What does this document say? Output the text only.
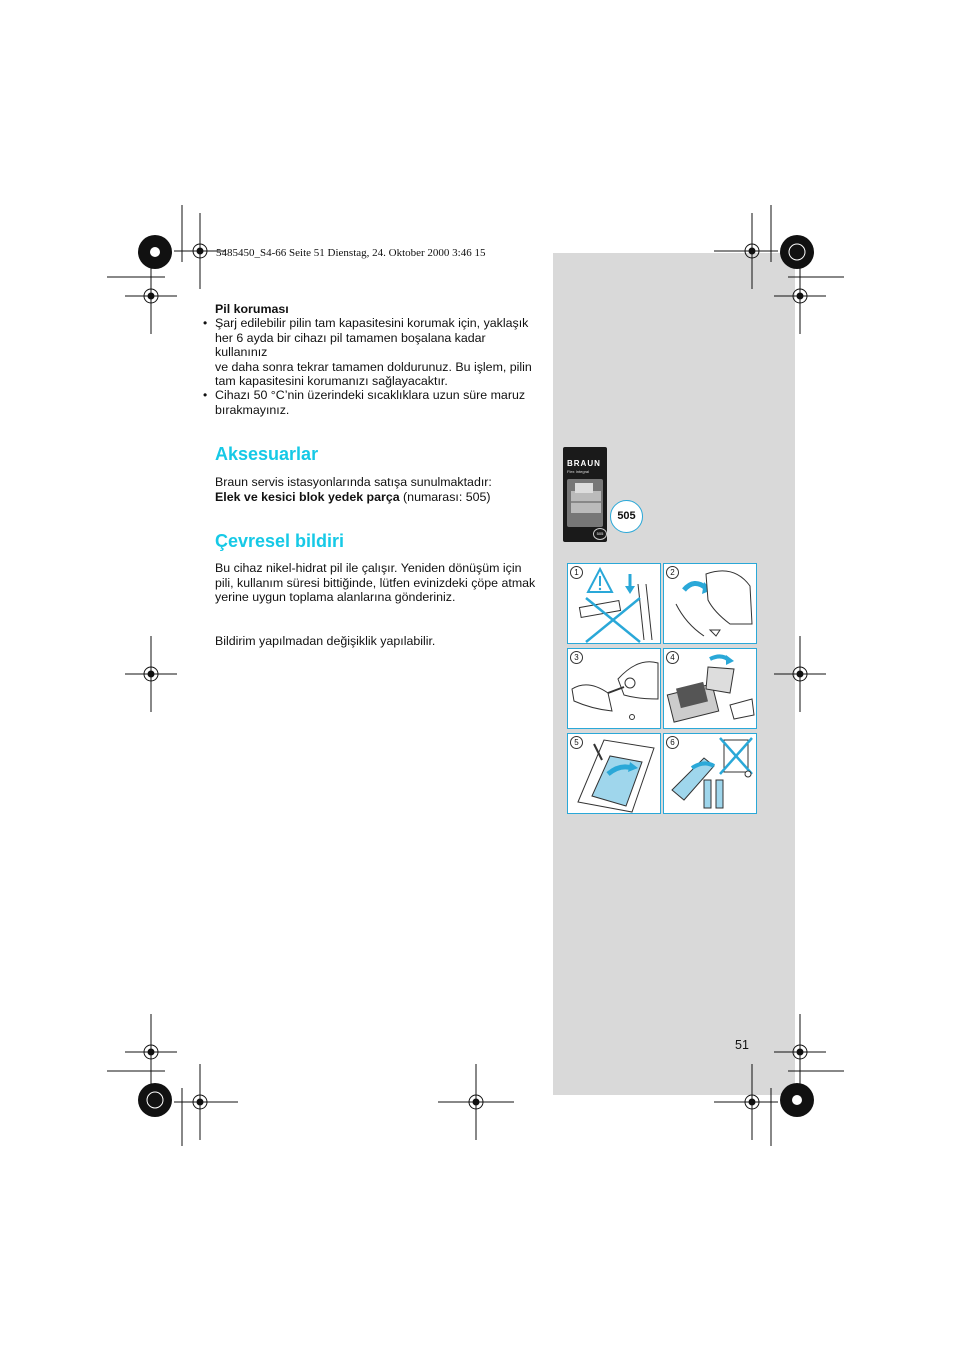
5485450_S4-66 Seite 51 Dienstag, 24. Oktober 2000 3:46 15
Pil koruması
• Şarj edilebilir pilin tam kapasitesini korumak için, yaklaşık
her 6 ayda bir cihazı pil tamamen boşalana kadar kullanınız
ve daha sonra tekrar tamamen doldurunuz. Bu işlem, pilin
tam kapasitesini korumanızı sağlayacaktır.
• Cihazı 50 °C’nin üzerindeki sıcaklıklara uzun süre maruz
bırakmayınız.
Aksesuarlar
Braun servis istasyonlarında satışa sunulmaktadır:
Elek ve kesici blok yedek parça (numarası: 505)
Çevresel bildiri
Bu cihaz nikel-hidrat pil ile çalışır. Yeniden dönüşüm için
pili, kullanım süresi bittiğinde, lütfen evinizdeki çöpe atmak
yerine uygun toplama alanlarına gönderiniz.
Bildirim yapılmadan değişiklik yapılabilir.
BRAUN
Flex Integral
505
505
1	2
3	4
5	6
51
